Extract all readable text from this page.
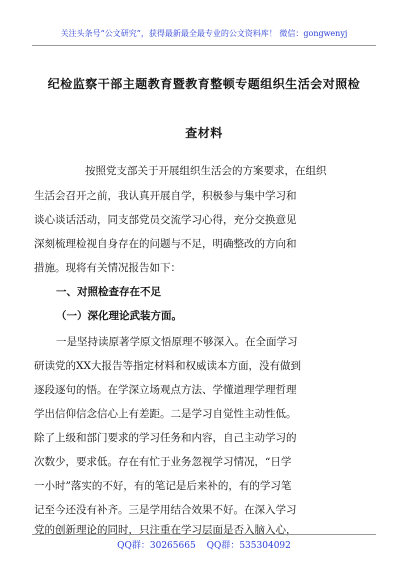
关注头条号“公文研究”，获得最新最全最专业的公文资料库！ 微信：gongwenyj
纪检监察干部主题教育暨教育整顿专题组织生活会对照检
查材料
按照党支部关于开展组织生活会的方案要求，在组织
生活会召开之前，我认真开展自学，积极参与集中学习和
谈心谈话活动，同支部党员交流学习心得，充分交换意见
深刻梳理检视自身存在的问题与不足，明确整改的方向和
措施。现将有关情况报告如下：
一、对照检查存在不足
（一）深化理论武装方面。
一是坚持读原著学原文悟原理不够深入。在全面学习
研读党的XX大报告等指定材料和权威读本方面，没有做到
逐段逐句的悟。在学深立场观点方法、学懂道理学理哲理
学出信仰信念信心上有差距。二是学习自觉性主动性低。
除了上级和部门要求的学习任务和内容，自己主动学习的
次数少，要求低。存在有忙于业务忽视学习情况，“日学
一小时”落实的不好，有的笔记是后来补的，有的学习笔
记至今还没有补齐。三是学用结合效果不好。在深入学习
党的创新理论的同时，只注重在学习层面是否入脑入心，
QQ群：30265665 QQ群：535304092
